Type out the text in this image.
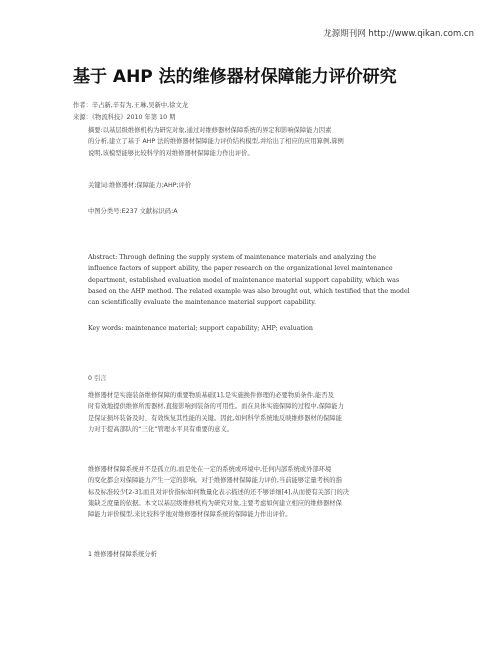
龙源期刊网 http://www.qikan.com.cn
基于 AHP 法的维修器材保障能力评价研究
作者：辛占新,辛有为,王琳,吴新中,徐文龙
来源：《物流科技》2010 年第 10 期
摘要:以基层级维修机构为研究对象,通过对维修器材保障系统的界定和影响保障能力因素
的分析,建立了基于 AHP 法的维修器材保障能力评价结构模型,并给出了相应的应用算例,算例
说明,该模型能够比较科学的对维修器材保障能力作出评价。
关键词:维修器材;保障能力;AHP;评价
中图分类号:E237 文献标识码:A
Abstract: Through defining the supply system of maintenance materials and analyzing the
influence factors of support ability, the paper research on the organizational level maintenance
department, established evaluation model of maintenance material support capability, which was
based on the AHP method. The related example was also brought out, which testified that the model
can scientifically evaluate the maintenance material support capability.
Key words: maintenance material; support capability; AHP; evaluation
0 引言
维修器材是实施装备维修保障的重要物质基础[1],是实施换件修理的必要物质条件,能否及
时有效地提供维修所需器材,直接影响到装备的可用性。而在具体实施保障的过程中,保障能力
是保证损坏装备及时、有效恢复其性能的关键。因此,如何科学系统地反映维修器材的保障能
力对于提高部队的“三化”管理水平具有重要的意义。
维修器材保障系统并不是孤立的,而是处在一定的系统或环境中,任何内部系统或外部环境
的变化都会对保障能力产生一定的影响。对于维修器材保障能力评价,当前能够定量考核的指
标及标准较少[2-3],而且对评价指标如何数量化表示描述的还不够详细[4],从而使有关部门的决
策缺乏度量的依据。本文以基层级维修机构为研究对象,主要考虑如何建立相应的维修器材保
障能力评价模型,来比较科学地对维修器材保障系统的保障能力作出评价。
1 维修器材保障系统分析
